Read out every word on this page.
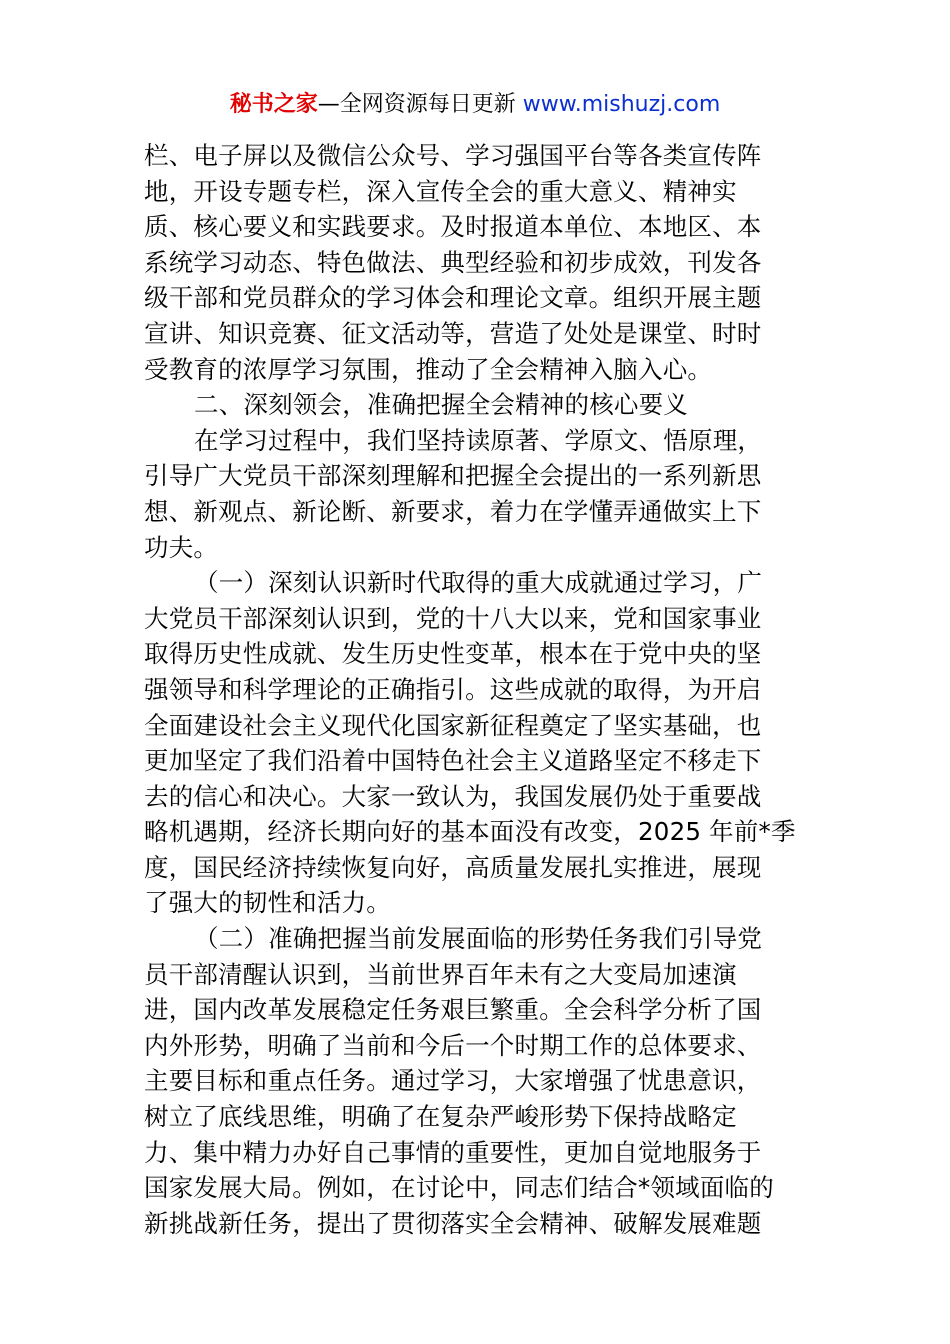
秘书之家—全网资源每日更新 www.mishuzj.com
栏、电子屏以及微信公众号、学习强国平台等各类宣传阵
地，开设专题专栏，深入宣传全会的重大意义、精神实
质、核心要义和实践要求。及时报道本单位、本地区、本
系统学习动态、特色做法、典型经验和初步成效，刊发各
级干部和党员群众的学习体会和理论文章。组织开展主题
宣讲、知识竞赛、征文活动等，营造了处处是课堂、时时
受教育的浓厚学习氛围，推动了全会精神入脑入心。
二、深刻领会，准确把握全会精神的核心要义
在学习过程中，我们坚持读原著、学原文、悟原理，
引导广大党员干部深刻理解和把握全会提出的一系列新思
想、新观点、新论断、新要求，着力在学懂弄通做实上下
功夫。
（一）深刻认识新时代取得的重大成就通过学习，广
大党员干部深刻认识到，党的十八大以来，党和国家事业
取得历史性成就、发生历史性变革，根本在于党中央的坚
强领导和科学理论的正确指引。这些成就的取得，为开启
全面建设社会主义现代化国家新征程奠定了坚实基础，也
更加坚定了我们沿着中国特色社会主义道路坚定不移走下
去的信心和决心。大家一致认为，我国发展仍处于重要战
略机遇期，经济长期向好的基本面没有改变，2025 年前*季
度，国民经济持续恢复向好，高质量发展扎实推进，展现
了强大的韧性和活力。
（二）准确把握当前发展面临的形势任务我们引导党
员干部清醒认识到，当前世界百年未有之大变局加速演
进，国内改革发展稳定任务艰巨繁重。全会科学分析了国
内外形势，明确了当前和今后一个时期工作的总体要求、
主要目标和重点任务。通过学习，大家增强了忧患意识，
树立了底线思维，明确了在复杂严峻形势下保持战略定
力、集中精力办好自己事情的重要性，更加自觉地服务于
国家发展大局。例如，在讨论中，同志们结合*领域面临的
新挑战新任务，提出了贯彻落实全会精神、破解发展难题
